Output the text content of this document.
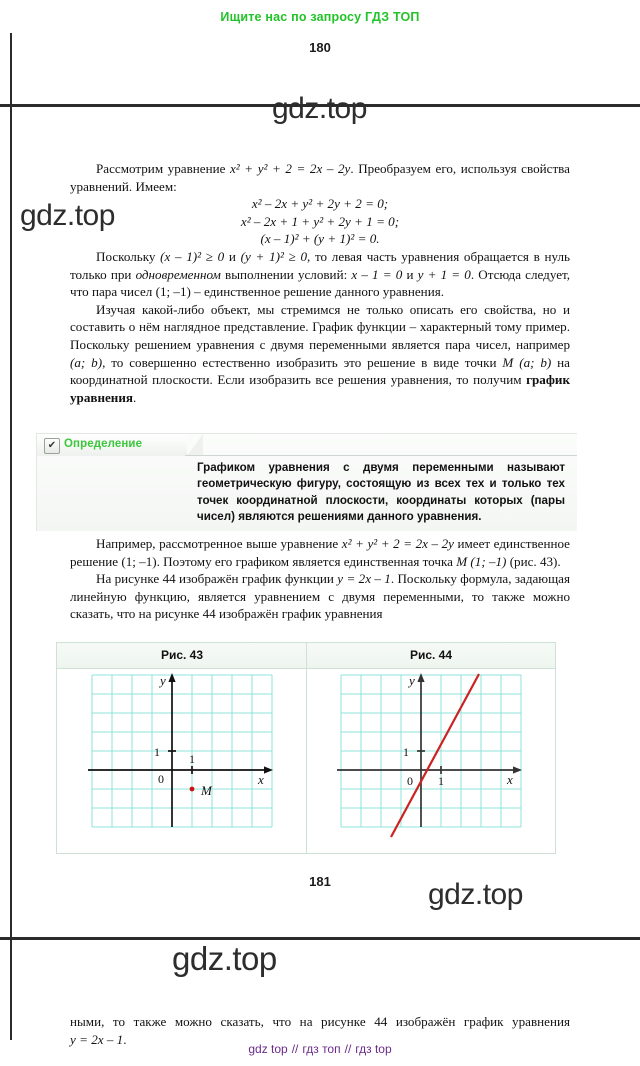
Ищите нас по запросу ГДЗ ТОП
180
181
gdz.top
gdz.top
gdz.top
gdz.top

Рассмотрим уравнение x² + y² + 2 = 2x – 2y. Преобразуем его, используя свойства уравнений. Имеем:

x² – 2x + y² + 2y + 2 = 0;

x² – 2x + 1 + y² + 2y + 1 = 0;

(x – 1)² + (y + 1)² = 0.

Поскольку (x – 1)² ≥ 0 и (y + 1)² ≥ 0, то левая часть уравнения обращается в нуль только при одновременном выполнении условий: x – 1 = 0 и y + 1 = 0. Отсюда следует, что пара чисел (1; –1) – единственное решение данного уравнения.

Изучая какой-либо объект, мы стремимся не только описать его свойства, но и составить о нём наглядное представление. График функции – характерный тому пример. Поскольку решением уравнения с двумя переменными является пара чисел, например (a; b), то совершенно естественно изобразить это решение в виде точки M (a; b) на координатной плоскости. Если изобразить все решения уравнения, то получим график уравнения.

✔ Определение
Графиком уравнения с двумя переменными называют геометрическую фигуру, состоящую из всех тех и только тех точек координатной плоскости, координаты которых (пары чисел) являются решениями данного уравнения.

Например, рассмотренное выше уравнение x² + y² + 2 = 2x – 2y имеет единственное решение (1; –1). Поэтому его графиком является единственная точка M (1; –1) (рис. 43).

На рисунке 44 изображён график функции y = 2x – 1. Поскольку формула, задающая линейную функцию, является уравнением с двумя переменными, то также можно сказать, что на рисунке 44 изображён график уравнения

Рис. 43	Рис. 44
1 1
0
y
x
M
1
1
0
y
x

ными, то также можно сказать, что на рисунке 44 изображён график уравнения y = 2x – 1.

gdz top // гдз топ // гдз top
